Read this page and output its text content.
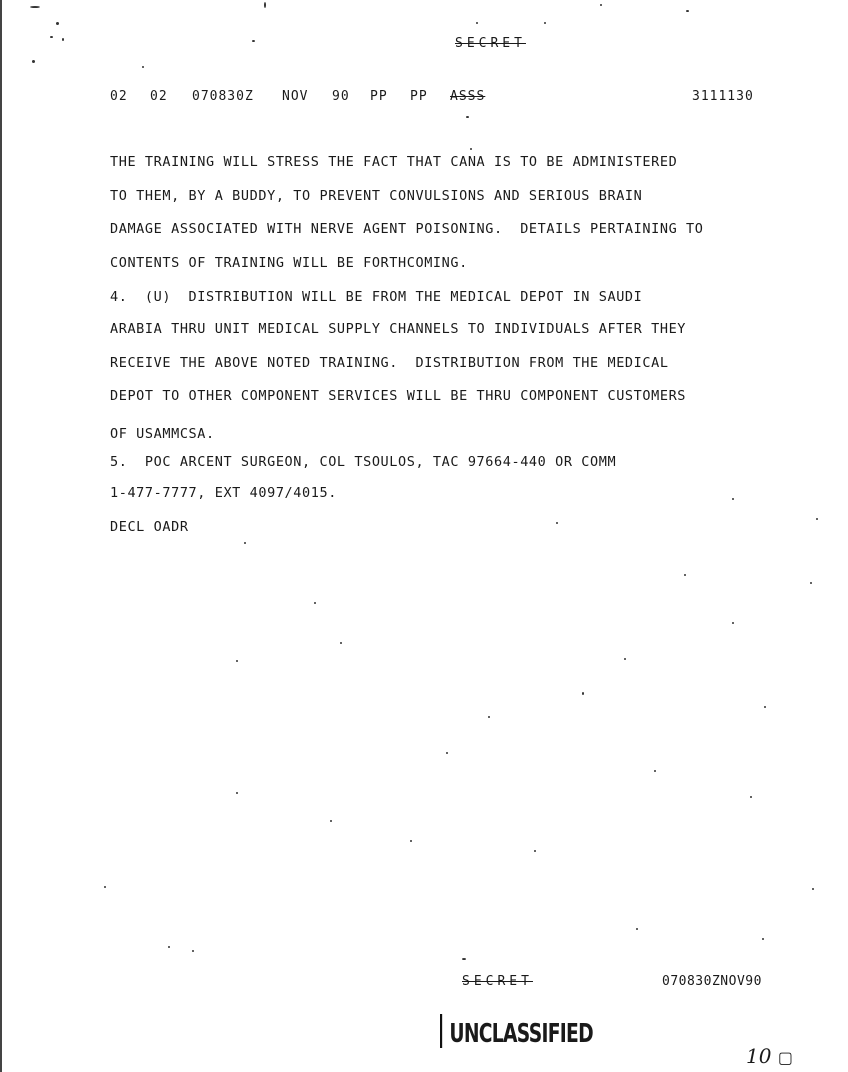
SECRET
02 02 070830Z NOV 90 PP PP ASSS	3111130
THE TRAINING WILL STRESS THE FACT THAT CANA IS TO BE ADMINISTERED
TO THEM, BY A BUDDY, TO PREVENT CONVULSIONS AND SERIOUS BRAIN
DAMAGE ASSOCIATED WITH NERVE AGENT POISONING.  DETAILS PERTAINING TO
CONTENTS OF TRAINING WILL BE FORTHCOMING.
4.  (U)  DISTRIBUTION WILL BE FROM THE MEDICAL DEPOT IN SAUDI
ARABIA THRU UNIT MEDICAL SUPPLY CHANNELS TO INDIVIDUALS AFTER THEY
RECEIVE THE ABOVE NOTED TRAINING.  DISTRIBUTION FROM THE MEDICAL
DEPOT TO OTHER COMPONENT SERVICES WILL BE THRU COMPONENT CUSTOMERS
OF USAMMCSA.
5.  POC ARCENT SURGEON, COL TSOULOS, TAC 97664-440 OR COMM
1-477-7777, EXT 4097/4015.
DECL OADR
SECRET	070830ZNOV90
UNCLASSIFIED
10 ▢
